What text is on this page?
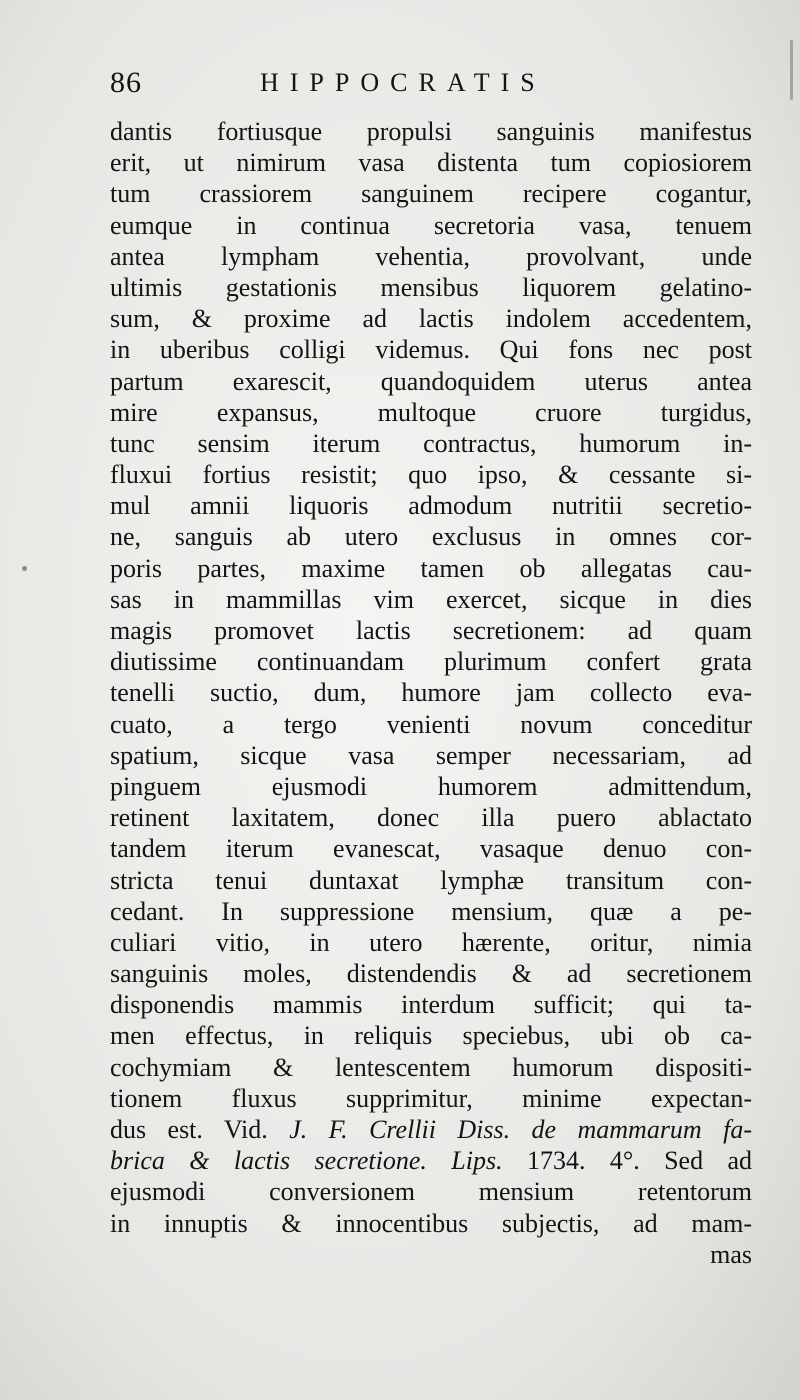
86	HIPPOCRATIS
dantis fortiusque propulsi sanguinis manifestus
erit, ut nimirum vasa distenta tum copiosiorem
tum crassiorem sanguinem recipere cogantur,
eumque in continua secretoria vasa, tenuem
antea lympham vehentia, provolvant, unde
ultimis gestationis mensibus liquorem gelatino-
sum, & proxime ad lactis indolem accedentem,
in uberibus colligi videmus. Qui fons nec post
partum exarescit, quandoquidem uterus antea
mire expansus, multoque cruore turgidus,
tunc sensim iterum contractus, humorum in-
fluxui fortius resistit; quo ipso, & cessante si-
mul amnii liquoris admodum nutritii secretio-
ne, sanguis ab utero exclusus in omnes cor-
poris partes, maxime tamen ob allegatas cau-
sas in mammillas vim exercet, sicque in dies
magis promovet lactis secretionem: ad quam
diutissime continuandam plurimum confert grata
tenelli suctio, dum, humore jam collecto eva-
cuato, a tergo venienti novum conceditur
spatium, sicque vasa semper necessariam, ad
pinguem ejusmodi humorem admittendum,
retinent laxitatem, donec illa puero ablactato
tandem iterum evanescat, vasaque denuo con-
stricta tenui duntaxat lymphæ transitum con-
cedant. In suppressione mensium, quæ a pe-
culiari vitio, in utero hærente, oritur, nimia
sanguinis moles, distendendis & ad secretionem
disponendis mammis interdum sufficit; qui ta-
men effectus, in reliquis speciebus, ubi ob ca-
cochymiam & lentescentem humorum dispositi-
tionem fluxus supprimitur, minime expectan-
dus est. Vid. J. F. Crellii Diss. de mammarum fa-
brica & lactis secretione. Lips. 1734. 4°. Sed ad
ejusmodi conversionem mensium retentorum
in innuptis & innocentibus subjectis, ad mam-
mas
